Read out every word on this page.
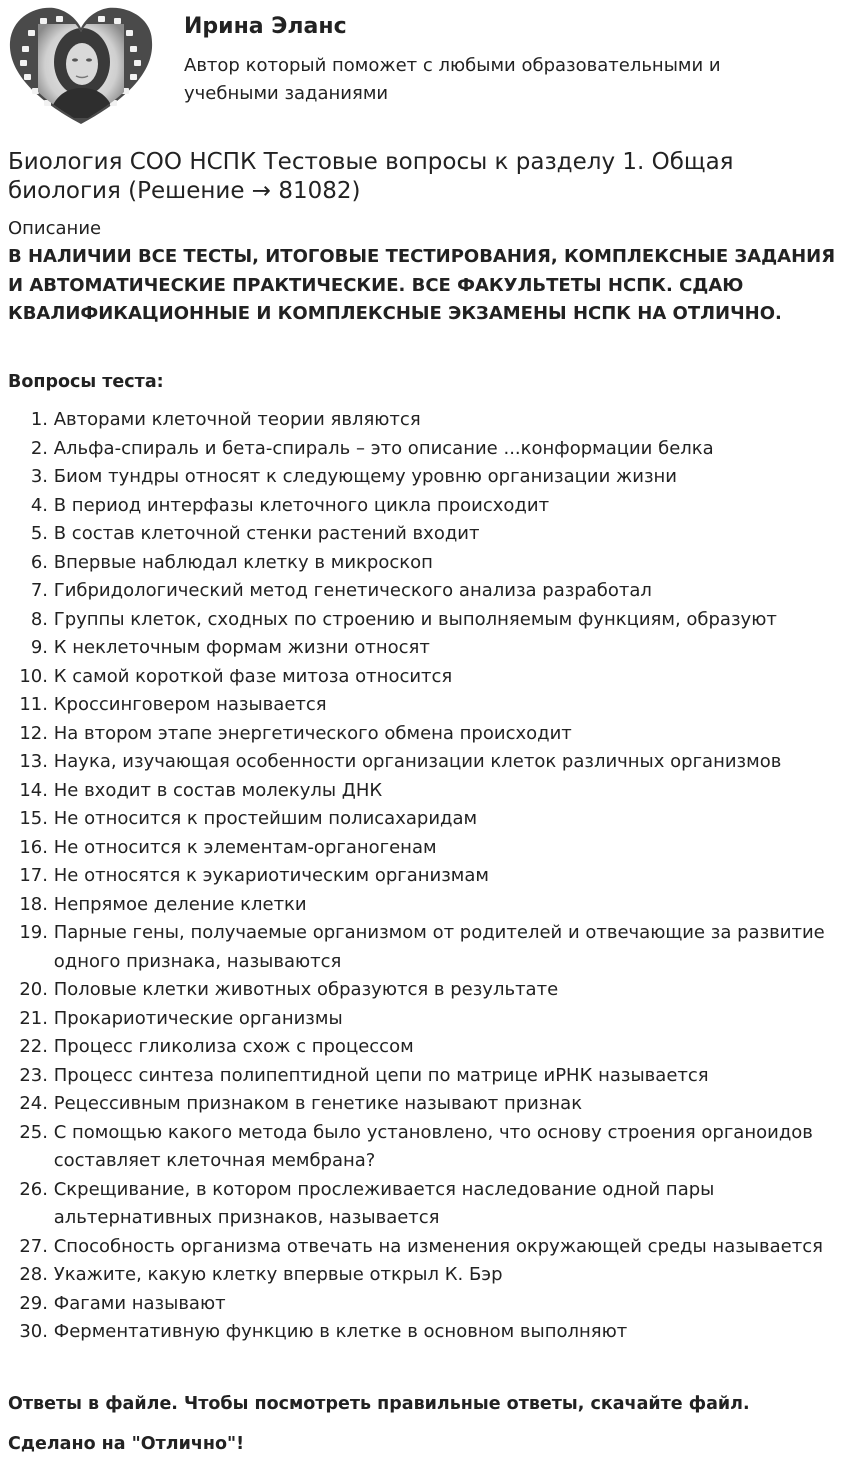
Ирина Эланс
Автор который поможет с любыми образовательными и учебными заданиями
Биология СОО НСПК Тестовые вопросы к разделу 1. Общая биология (Решение → 81082)
Описание
В НАЛИЧИИ ВСЕ ТЕСТЫ, ИТОГОВЫЕ ТЕСТИРОВАНИЯ, КОМПЛЕКСНЫЕ ЗАДАНИЯ И АВТОМАТИЧЕСКИЕ ПРАКТИЧЕСКИЕ. ВСЕ ФАКУЛЬТЕТЫ НСПК. СДАЮ КВАЛИФИКАЦИОННЫЕ И КОМПЛЕКСНЫЕ ЭКЗАМЕНЫ НСПК НА ОТЛИЧНО.
Вопросы теста:
1 .
Авторами клеточной теории являются
2 .
Альфа-спираль и бета-спираль – это описание ...конформации белка
3 .
Биом тундры относят к следующему уровню организации жизни
4 .
В период интерфазы клеточного цикла происходит
5 .
В состав клеточной стенки растений входит
6 .
Впервые наблюдал клетку в микроскоп
7 .
Гибридологический метод генетического анализа разработал
8 .
Группы клеток, сходных по строению и выполняемым функциям, образуют
9 .
К неклеточным формам жизни относят
10 .
К самой короткой фазе митоза относится
11 .
Кроссинговером называется
12 .
На втором этапе энергетического обмена происходит
13 .
Наука, изучающая особенности организации клеток различных организмов
14 .
Не входит в состав молекулы ДНК
15 .
Не относится к простейшим полисахаридам
16 .
Не относится к элементам-органогенам
17 .
Не относятся к эукариотическим организмам
18 .
Непрямое деление клетки
19 .
Парные гены, получаемые организмом от родителей и отвечающие за развитие одного признака, называются
20 .
Половые клетки животных образуются в результате
21 .
Прокариотические организмы
22 .
Процесс гликолиза схож с процессом
23 .
Процесс синтеза полипептидной цепи по матрице иРНК называется
24 .
Рецессивным признаком в генетике называют признак
25 .
С помощью какого метода было установлено, что основу строения органоидов составляет клеточная мембрана?
26 .
Скрещивание, в котором прослеживается наследование одной пары альтернативных признаков, называется
27 .
Способность организма отвечать на изменения окружающей среды называется
28 .
Укажите, какую клетку впервые открыл К. Бэр
29 .
Фагами называют
30 .
Ферментативную функцию в клетке в основном выполняют
Ответы в файле. Чтобы посмотреть правильные ответы, скачайте файл.
Сделано на "Отлично"!
